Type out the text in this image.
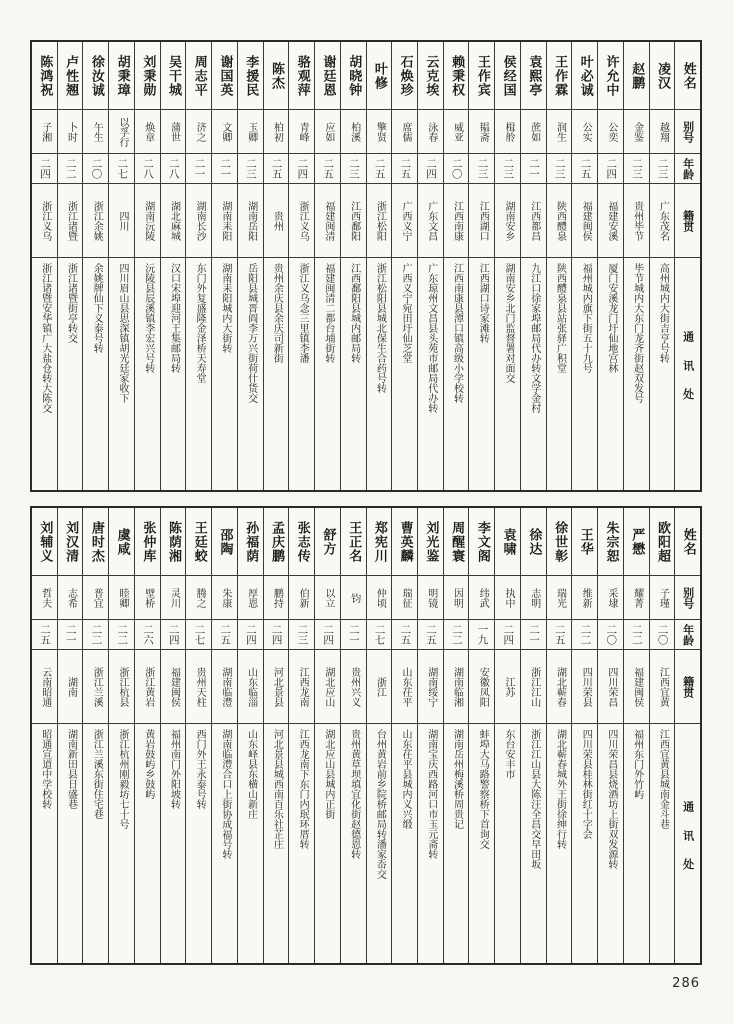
陈鸿祝
子湘
二四
浙江义乌
浙江诸暨安华镇广大盐仓转大陈交
卢性翘
卜时
二二
浙江诸暨
浙江诸暨街亭转交
徐汝诚
午生
二〇
浙江余姚
余姚牌仙下义泰号转
胡秉璋
以孚行
二七
四川
四川眉山县思深镇胡光廷家收下
刘秉勋
焕章
二八
湖南沅陵
沅陵县辰溪镇李宏兴号转
吴干城
蒲世
二八
湖北麻城
汉口宋埠迎河王集邮局转
周志平
济之
二一
湖南长沙
东门外复盛隆金泽桥天寿堂
谢国英
文卿
二一
湖南耒阳
湖南耒阳城内大街转
李援民
玉卿
二三
湖南岳阳
岳阳县城晋阎李万兴街荷什货交
陈杰
柏初
二五
贵州
贵州余庆县余庆司新街
骆观萍
青峰
二四
浙江义乌
浙江义乌念三里镇李潘
谢廷恩
应如
二五
福建闽清
福建闽清二都台埔街转
胡晓钟
柏溪
二三
江西鄱阳
江西鄱阳县城内邮局转
叶修
擎贤
二五
浙江松阳
浙江松阳县城北保生合药号转
石焕珍
席儒
二五
广西义宁
广西义宁宛田圩仙芝堂
云克埃
泳春
二四
广东文昌
广东琼州文昌县头苑市邮局代办转
赖秉权
威亚
二〇
江西南康
江西南康县潭口镇高级小学校转
王作宾
韫斋
二三
江西湖口
江西湖口诗家滩转
侯经国
楫舲
二三
湖南安乡
湖南安乡北门监督署对面交
袁熙亭
蔗如
二一
江西都昌
九江口徐家埠邮局代办转文学金村
王作霖
润生
二三
陕西醴泉
陕西醴泉县站张驿广积堂
叶必诚
公实
二五
福建闽侯
福州城内旗下街五十九号
许允中
公奕
二四
福建安溪
厦门安溪龙门圩仙地宫林
赵鹏
金鉴
二三
贵州毕节
毕节城内大东门龙齐街赵双发号
凌汉
越翔
二三
广东茂名
高州城内大街吉亨号转
姓名
别号
年龄
籍贯
通讯处
刘辅义
哲夫
二五
云南昭通
昭通宣道中学校转
刘汉清
志希
二一
湖南
湖南新田县日盛巷
唐时杰
普宜
二二
浙江兰溪
浙江兰溪东街住宅巷
虞咸
睦卿
二二
浙江杭县
浙江杭州刚毅坊七十号
张仲库
壁桥
二六
浙江黄岩
黄岩鼓屿乡鼓屿
陈荫湘
灵川
二四
福建闽侯
福州南门外阳坡转
王廷蛟
腾之
二七
贵州天柱
西门外王永泰号转
邵陶
朱康
二五
湖南临澧
湖南临澧合口上街协成福号转
孙福荫
厚恩
二四
山东临淄
山东峄县东横山新庄
孟庆鹏
鹏持
二四
河北景县
河北景县城西南百乐社芷庄
张志传
伯新
二三
江西龙南
江西龙南下东门内珉环厝转
舒方
以立
二四
湖北应山
湖北应山县城内正街
王正名
钧
二一
贵州兴义
贵州黄草坝填宜化街赵德恩转
郑宪川
仲顷
二七
浙江
台州黄岩前乡院桥邮局转潘家岙交
曹英麟
瑞征
二五
山东茌平
山东茌平县城内义兴缎
刘光鉴
明镜
二五
湖南绥宁
湖南宝庆西路河口市玉元斋转
周醒寰
因明
二二
湖南临湘
湖南岳州梅溪桥周贵记
李文阁
纬武
一九
安徽凤阳
蚌埠大马路警察桥下首询交
袁啸
执中
二四
江苏
东台安丰市
徐达
志明
二一
浙江江山
浙江江山县大陈汪全昌交早田坂
徐世彰
瑞光
二五
湖北蕲春
湖北蕲春城外王街徐绅行转
王华
维新
二二
四川荣县
四川荣县桂林街红十字会
朱宗恕
采埭
二〇
四川荣昌
四川荣昌县烧酒坊上街双发源转
严懋
耀菁
二二
福建闽侯
福州东门外竹屿
欧阳超
子瑾
二〇
江西宜黄
江西宜黄县城南金斗巷
姓名
别号
年龄
籍贯
通讯处
286
